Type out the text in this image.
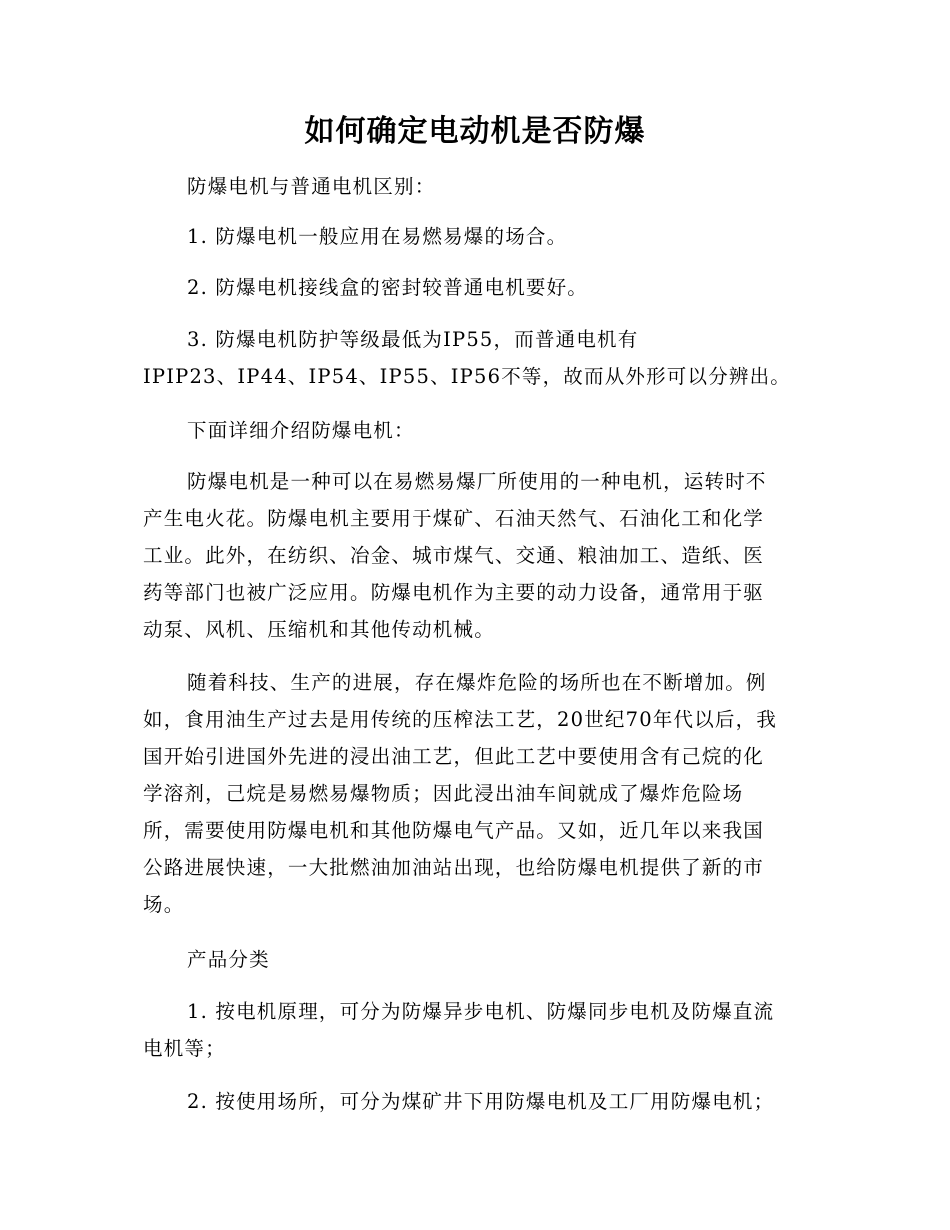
如何确定电动机是否防爆
防爆电机与普通电机区别：
1. 防爆电机一般应用在易燃易爆的场合。
2. 防爆电机接线盒的密封较普通电机要好。
3. 防爆电机防护等级最低为IP55，而普通电机有
IPIP23、IP44、IP54、IP55、IP56不等，故而从外形可以分辨出。
下面详细介绍防爆电机：
防爆电机是一种可以在易燃易爆厂所使用的一种电机，运转时不
产生电火花。防爆电机主要用于煤矿、石油天然气、石油化工和化学
工业。此外，在纺织、冶金、城市煤气、交通、粮油加工、造纸、医
药等部门也被广泛应用。防爆电机作为主要的动力设备，通常用于驱
动泵、风机、压缩机和其他传动机械。
随着科技、生产的进展，存在爆炸危险的场所也在不断增加。例
如，食用油生产过去是用传统的压榨法工艺，20世纪70年代以后，我
国开始引进国外先进的浸出油工艺，但此工艺中要使用含有己烷的化
学溶剂，己烷是易燃易爆物质；因此浸出油车间就成了爆炸危险场
所，需要使用防爆电机和其他防爆电气产品。又如，近几年以来我国
公路进展快速，一大批燃油加油站出现，也给防爆电机提供了新的市
场。
产品分类
1. 按电机原理，可分为防爆异步电机、防爆同步电机及防爆直流
电机等；
2. 按使用场所，可分为煤矿井下用防爆电机及工厂用防爆电机；
